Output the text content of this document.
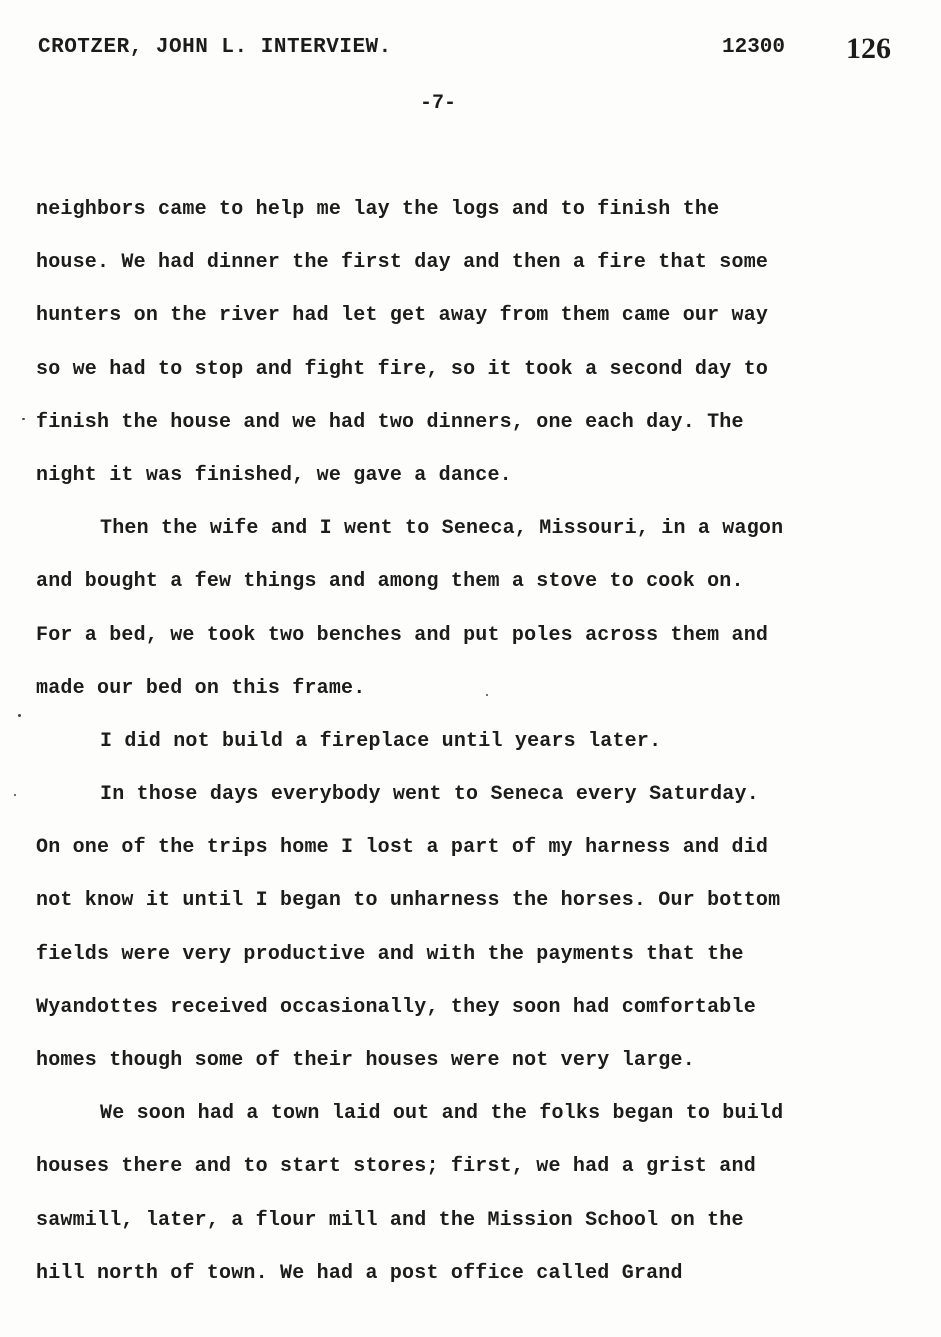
CROTZER, JOHN L. INTERVIEW.	12300 126
-7-
neighbors came to help me lay the logs and to finish the
house. We had dinner the first day and then a fire that some
hunters on the river had let get away from them came our way
so we had to stop and fight fire, so it took a second day to
finish the house and we had two dinners, one each day. The
night it was finished, we gave a dance.
Then the wife and I went to Seneca, Missouri, in a wagon
and bought a few things and among them a stove to cook on.
For a bed, we took two benches and put poles across them and
made our bed on this frame.
I did not build a fireplace until years later.
In those days everybody went to Seneca every Saturday.
On one of the trips home I lost a part of my harness and did
not know it until I began to unharness the horses. Our bottom
fields were very productive and with the payments that the
Wyandottes received occasionally, they soon had comfortable
homes though some of their houses were not very large.
We soon had a town laid out and the folks began to build
houses there and to start stores; first, we had a grist and
sawmill, later, a flour mill and the Mission School on the
hill north of town. We had a post office called Grand
